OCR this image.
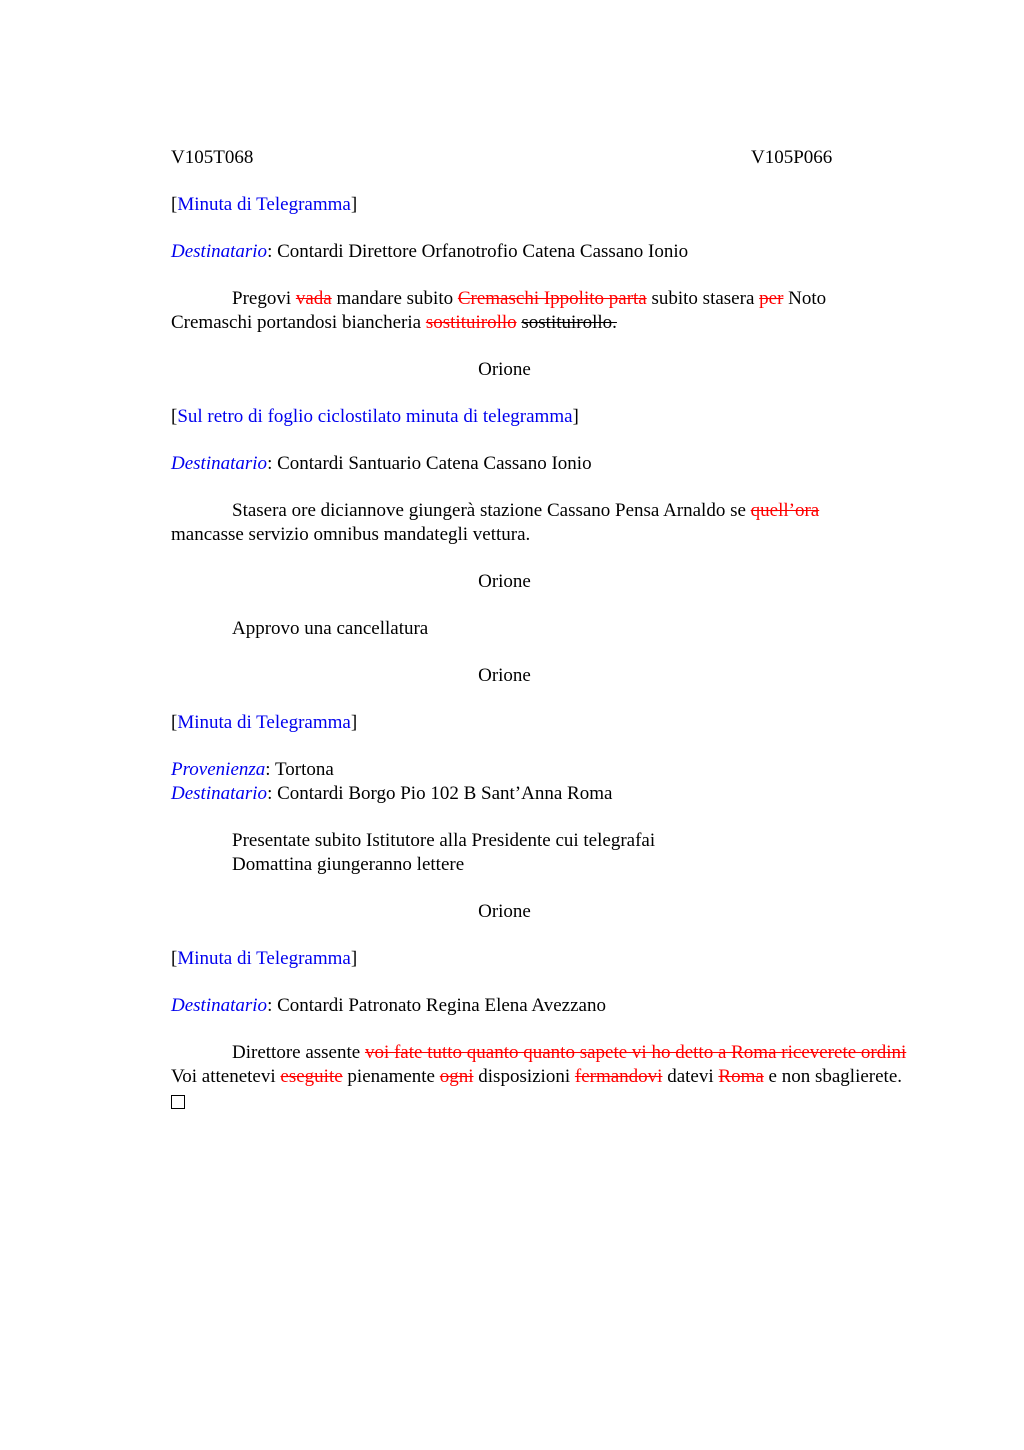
V105T068	V105P066
[Minuta di Telegramma]
Destinatario: Contardi Direttore Orfanotrofio Catena Cassano Ionio
Pregovi vada mandare subito Cremaschi Ippolito parta subito stasera per Noto Cremaschi portandosi biancheria sostituirollo sostituirollo.
Orione
[Sul retro di foglio ciclostilato minuta di telegramma]
Destinatario: Contardi Santuario Catena Cassano Ionio
Stasera ore diciannove giungerà stazione Cassano Pensa Arnaldo se quell’ora mancasse servizio omnibus mandategli vettura.
Orione
Approvo una cancellatura
Orione
[Minuta di Telegramma]
Provenienza: Tortona
Destinatario: Contardi Borgo Pio 102 B Sant’Anna Roma
Presentate subito Istitutore alla Presidente cui telegrafai
Domattina giungeranno lettere
Orione
[Minuta di Telegramma]
Destinatario: Contardi Patronato Regina Elena Avezzano
Direttore assente voi fate tutto quanto quanto sapete vi ho detto a Roma riceverete ordini Voi attenetevi eseguite pienamente ogni disposizioni fermandovi datevi Roma e non sbaglierete.
